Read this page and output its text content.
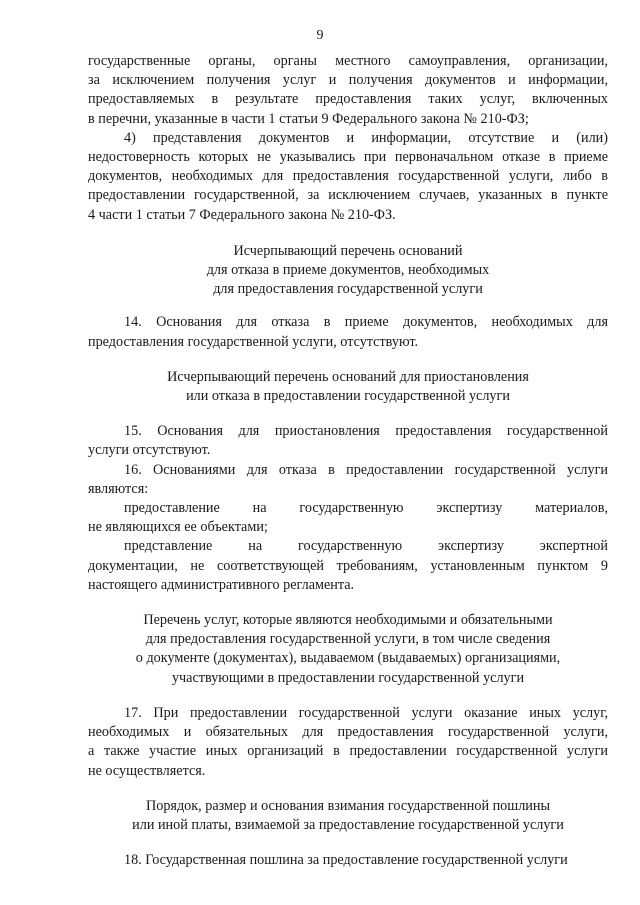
9
государственные органы, органы местного самоуправления, организации,
за исключением получения услуг и получения документов и информации,
предоставляемых в результате предоставления таких услуг, включенных
в перечни, указанные в части 1 статьи 9 Федерального закона № 210-ФЗ;
4) представления документов и информации, отсутствие и (или)
недостоверность которых не указывались при первоначальном отказе в приеме
документов, необходимых для предоставления государственной услуги, либо в
предоставлении государственной, за исключением случаев, указанных в пункте
4 части 1 статьи 7 Федерального закона № 210-ФЗ.
Исчерпывающий перечень оснований
для отказа в приеме документов, необходимых
для предоставления государственной услуги
14. Основания для отказа в приеме документов, необходимых для
предоставления государственной услуги, отсутствуют.
Исчерпывающий перечень оснований для приостановления
или отказа в предоставлении государственной услуги
15. Основания для приостановления предоставления государственной
услуги отсутствуют.
16. Основаниями для отказа в предоставлении государственной услуги
являются:
предоставление на государственную экспертизу материалов,
не являющихся ее объектами;
представление на государственную экспертизу экспертной
документации, не соответствующей требованиям, установленным пунктом 9
настоящего административного регламента.
Перечень услуг, которые являются необходимыми и обязательными
для предоставления государственной услуги, в том числе сведения
о документе (документах), выдаваемом (выдаваемых) организациями,
участвующими в предоставлении государственной услуги
17. При предоставлении государственной услуги оказание иных услуг,
необходимых и обязательных для предоставления государственной услуги,
а также участие иных организаций в предоставлении государственной услуги
не осуществляется.
Порядок, размер и основания взимания государственной пошлины
или иной платы, взимаемой за предоставление государственной услуги
18. Государственная пошлина за предоставление государственной услуги
